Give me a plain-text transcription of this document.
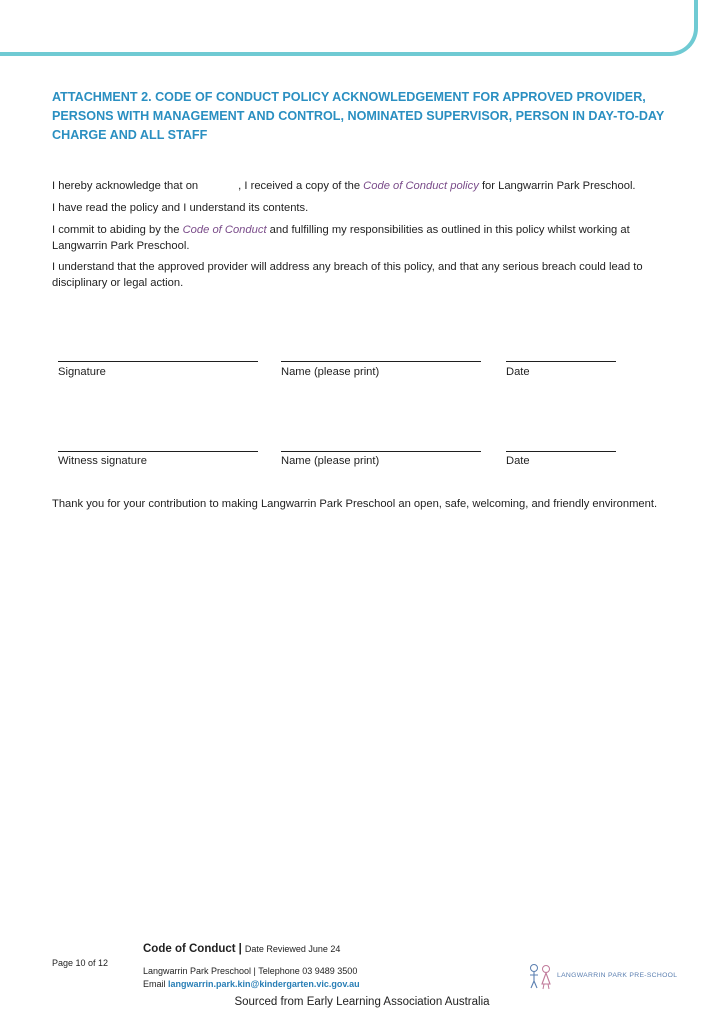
ATTACHMENT 2. CODE OF CONDUCT POLICY ACKNOWLEDGEMENT FOR APPROVED PROVIDER, PERSONS WITH MANAGEMENT AND CONTROL, NOMINATED SUPERVISOR, PERSON IN DAY-TO-DAY CHARGE AND ALL STAFF

I hereby acknowledge that on	, I received a copy of the Code of Conduct policy for Langwarrin Park Preschool.

I have read the policy and I understand its contents.

I commit to abiding by the Code of Conduct and fulfilling my responsibilities as outlined in this policy whilst working at Langwarrin Park Preschool.

I understand that the approved provider will address any breach of this policy, and that any serious breach could lead to disciplinary or legal action.

Signature	Name (please print)	Date
Witness signature	Name (please print)	Date

Thank you for your contribution to making Langwarrin Park Preschool an open, safe, welcoming, and friendly environment.

Code of Conduct | Date Reviewed June 24
Page 10 of 12
Langwarrin Park Preschool | Telephone 03 9489 3500
Email langwarrin.park.kin@kindergarten.vic.gov.au
LANGWARRIN PARK PRE-SCHOOL
Sourced from Early Learning Association Australia
